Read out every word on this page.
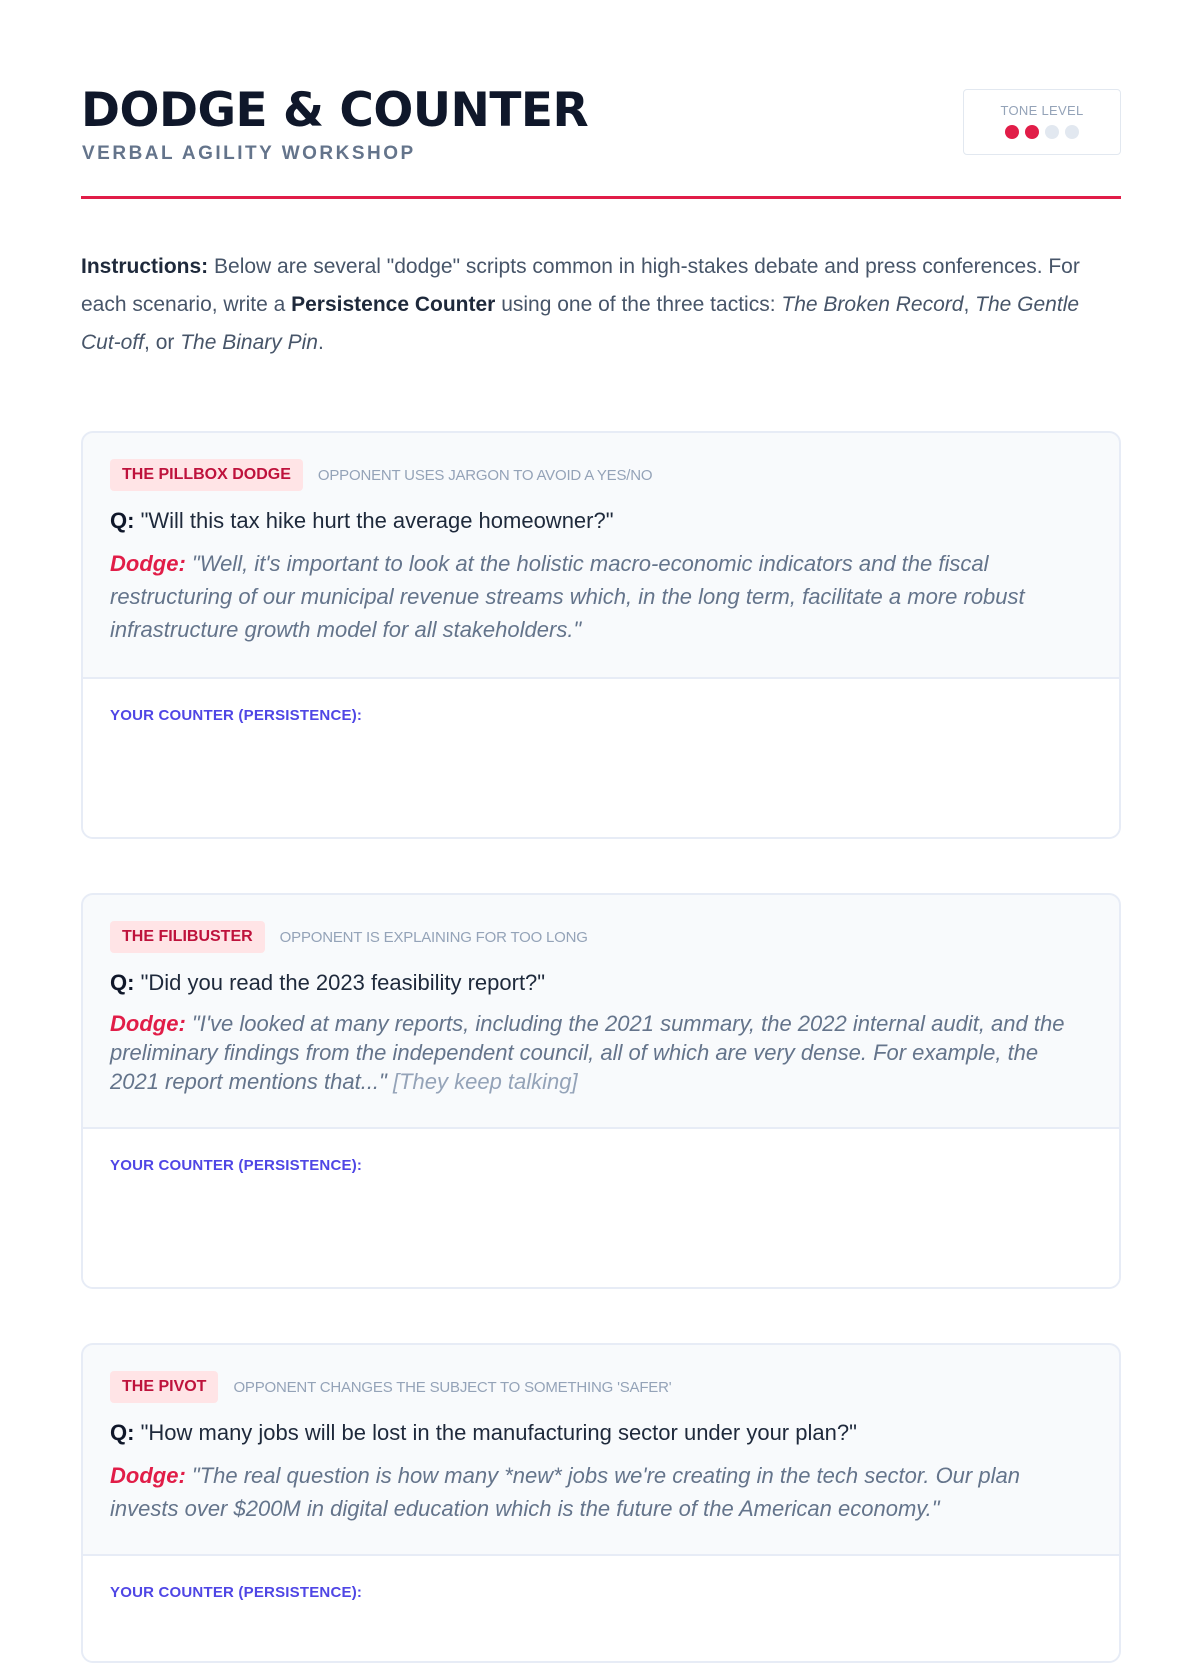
DODGE & COUNTER
VERBAL AGILITY WORKSHOP
TONE LEVEL

Instructions: Below are several "dodge" scripts common in high-stakes debate and press conferences. For each scenario, write a Persistence Counter using one of the three tactics: The Broken Record, The Gentle Cut-off, or The Binary Pin.

THE PILLBOX DODGE	OPPONENT USES JARGON TO AVOID A YES/NO
Q: "Will this tax hike hurt the average homeowner?"
Dodge: "Well, it's important to look at the holistic macro-economic indicators and the fiscal restructuring of our municipal revenue streams which, in the long term, facilitate a more robust infrastructure growth model for all stakeholders."
YOUR COUNTER (PERSISTENCE):
THE FILIBUSTER	OPPONENT IS EXPLAINING FOR TOO LONG
Q: "Did you read the 2023 feasibility report?"
Dodge: "I've looked at many reports, including the 2021 summary, the 2022 internal audit, and the preliminary findings from the independent council, all of which are very dense. For example, the 2021 report mentions that..." [They keep talking]
YOUR COUNTER (PERSISTENCE):
THE PIVOT	OPPONENT CHANGES THE SUBJECT TO SOMETHING 'SAFER'
Q: "How many jobs will be lost in the manufacturing sector under your plan?"
Dodge: "The real question is how many *new* jobs we're creating in the tech sector. Our plan invests over $200M in digital education which is the future of the American economy."
YOUR COUNTER (PERSISTENCE):
